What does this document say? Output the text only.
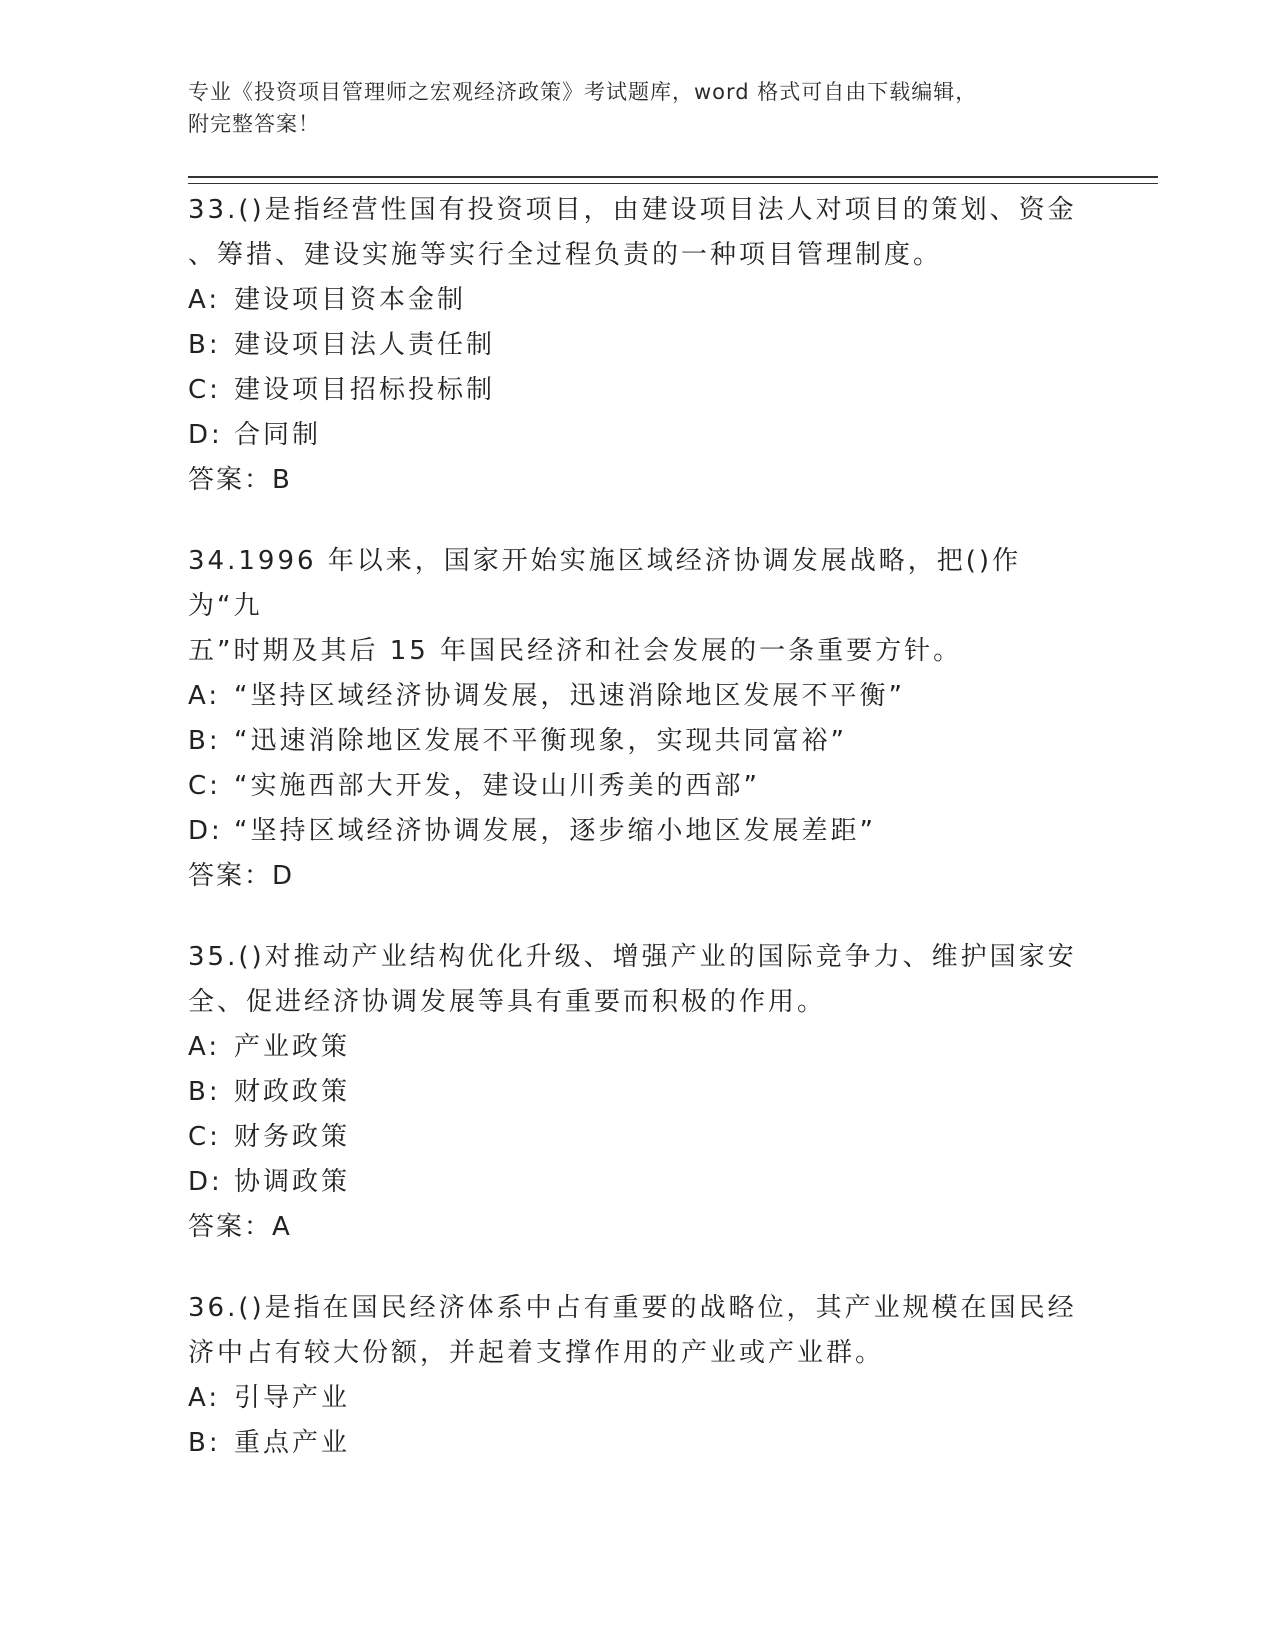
专业《投资项目管理师之宏观经济政策》考试题库，word 格式可自由下载编辑，
附完整答案！

33.()是指经营性国有投资项目，由建设项目法人对项目的策划、资金

、筹措、建设实施等实行全过程负责的一种项目管理制度。

A: 建设项目资本金制

B: 建设项目法人责任制

C: 建设项目招标投标制

D: 合同制

答案：B

34.1996 年以来，国家开始实施区域经济协调发展战略，把()作为“九

五”时期及其后 15 年国民经济和社会发展的一条重要方针。

A: “坚持区域经济协调发展，迅速消除地区发展不平衡”

B: “迅速消除地区发展不平衡现象，实现共同富裕”

C: “实施西部大开发，建设山川秀美的西部”

D: “坚持区域经济协调发展，逐步缩小地区发展差距”

答案：D

35.()对推动产业结构优化升级、增强产业的国际竞争力、维护国家安

全、促进经济协调发展等具有重要而积极的作用。

A: 产业政策

B: 财政政策

C: 财务政策

D: 协调政策

答案：A

36.()是指在国民经济体系中占有重要的战略位，其产业规模在国民经

济中占有较大份额，并起着支撑作用的产业或产业群。

A: 引导产业

B: 重点产业
